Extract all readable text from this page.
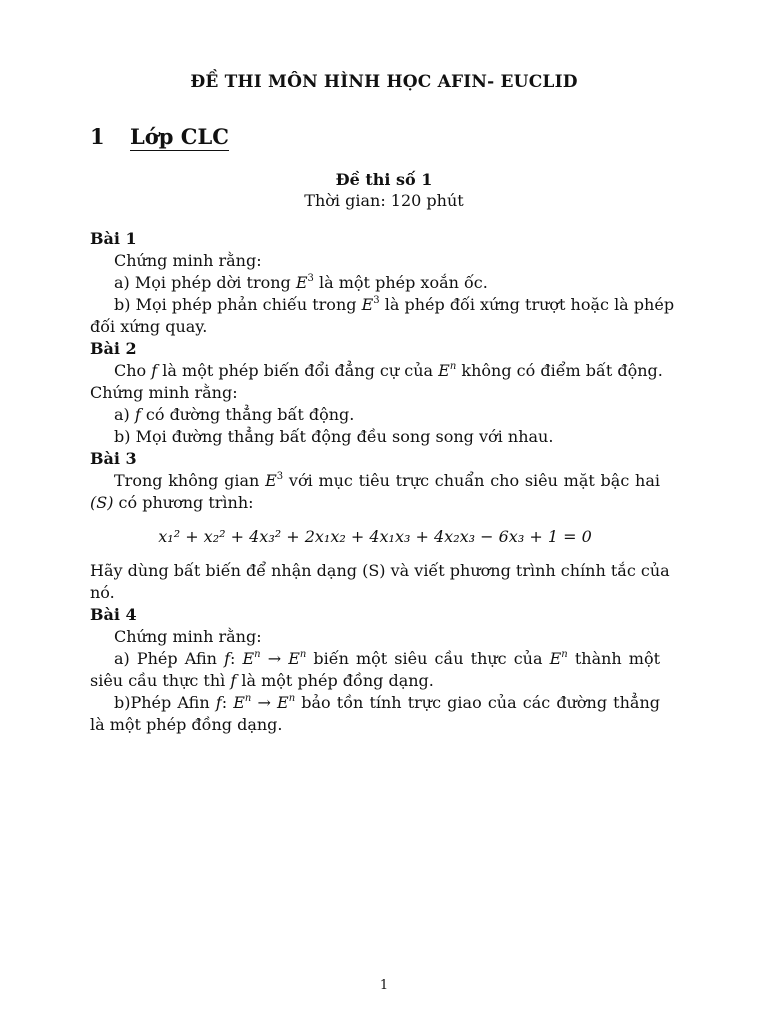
ĐỀ THI MÔN HÌNH HỌC AFIN- EUCLID
1	Lớp CLC
Đề thi số 1
Thời gian: 120 phút
Bài 1
Chứng minh rằng:
a) Mọi phép dời trong $E^3$ là một phép xoắn ốc.
b) Mọi phép phản chiếu trong $E^3$ là phép đối xứng trượt hoặc là phép
đối xứng quay.
Bài 2
Cho f là một phép biến đổi đẳng cự của $E^n$ không có điểm bất động.
Chứng minh rằng:
a) f có đường thẳng bất động.
b) Mọi đường thẳng bất động đều song song với nhau.
Bài 3
Trong không gian $E^3$ với mục tiêu trực chuẩn cho siêu mặt bậc hai
(S) có phương trình:
x₁² + x₂² + 4x₃² + 2x₁x₂ + 4x₁x₃ + 4x₂x₃ − 6x₃ + 1 = 0
Hãy dùng bất biến để nhận dạng (S) và viết phương trình chính tắc của
nó.
Bài 4
Chứng minh rằng:
a) Phép Afin f: $E^n \to E^n$ biến một siêu cầu thực của $E^n$ thành một
siêu cầu thực thì f là một phép đồng dạng.
b)Phép Afin f: $E^n \to E^n$ bảo tồn tính trực giao của các đường thẳng
là một phép đồng dạng.
1
